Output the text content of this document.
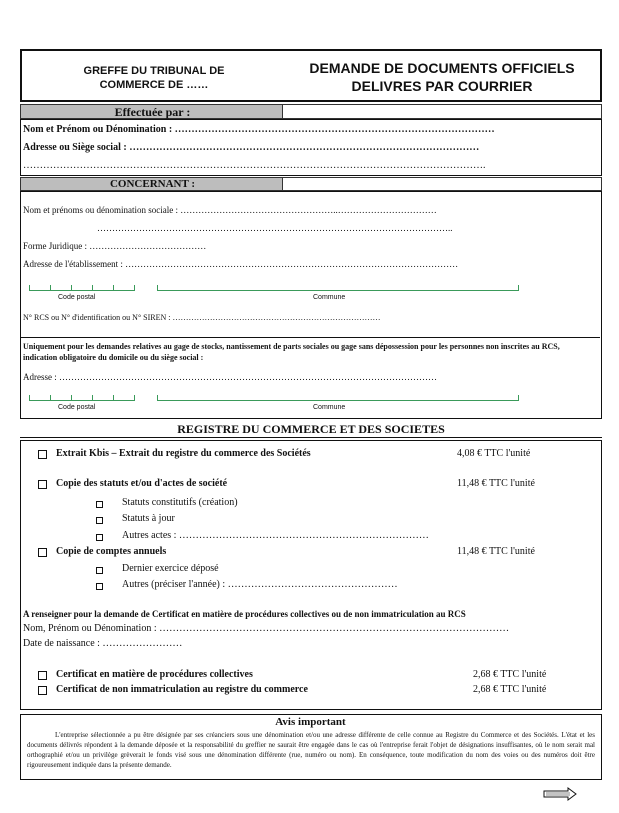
GREFFE DU TRIBUNAL DE COMMERCE DE ……
DEMANDE DE DOCUMENTS OFFICIELS
DELIVRES PAR COURRIER
Effectuée par :
Nom et Prénom ou Dénomination : ……………………………………………………………………………………
Adresse ou Siège social : ……………………………………………………………………………………………
………………………………………………………………………………………………………………………….
CONCERNANT :
Nom et prénoms ou dénomination sociale : ……………………………………………..……………………………
………………………………………………………………………………………………………..
Forme Juridique : …………………………………
Adresse de l'établissement : …………………………………………………………………………………………………
Code postal	Commune
N° RCS ou N° d'identification ou N° SIREN : ……………………………………………………………………
Uniquement pour les demandes relatives au gage de stocks, nantissement de parts sociales ou gage sans dépossession pour les personnes non inscrites au RCS, indication obligatoire du domicile ou du siège social :
Adresse : ………………………………………………………………………………………………………………
Code postal	Commune
REGISTRE DU COMMERCE ET DES SOCIETES
Extrait Kbis – Extrait du registre du commerce des Sociétés	4,08 € TTC l'unité
Copie des statuts et/ou d'actes de société	11,48 € TTC l'unité
Statuts constitutifs (création)
Statuts à jour
Autres actes : …………………………………………………………………
Copie de comptes annuels	11,48 € TTC l'unité
Dernier exercice déposé
Autres (préciser l'année) : ……………………………………………
A renseigner pour la demande de Certificat en matière de procédures collectives ou de non immatriculation au RCS
Nom, Prénom ou Dénomination : ……………………………………………………………………………………………
Date de naissance : ……………………
Certificat en matière de procédures collectives	2,68 € TTC l'unité
Certificat de non immatriculation au registre du commerce	2,68 € TTC l'unité
Avis important
L'entreprise sélectionnée a pu être désignée par ses créanciers sous une dénomination et/ou une adresse différente de celle connue au Registre du Commerce et des Sociétés. L'état et les documents délivrés répondent à la demande déposée et la responsabilité du greffier ne saurait être engagée dans le cas où l'entreprise ferait l'objet de désignations insuffisantes, où le nom serait mal orthographié et/ou un privilège grèverait le fonds visé sous une dénomination différente (rue, numéro ou nom). En conséquence, toute modification du nom des voies ou des numéros doit être rigoureusement indiquée dans la présente demande.
